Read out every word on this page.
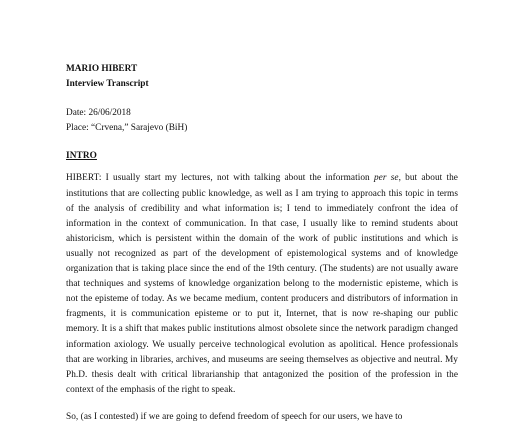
MARIO HIBERT
Interview Transcript
Date: 26/06/2018
Place: “Crvena,” Sarajevo (BiH)
INTRO

HIBERT: I usually start my lectures, not with talking about the information per se, but about the institutions that are collecting public knowledge, as well as I am trying to approach this topic in terms of the analysis of credibility and what information is; I tend to immediately confront the idea of information in the context of communication. In that case, I usually like to remind students about ahistoricism, which is persistent within the domain of the work of public institutions and which is usually not recognized as part of the development of epistemological systems and of knowledge organization that is taking place since the end of the 19th century. (The students) are not usually aware that techniques and systems of knowledge organization belong to the modernistic episteme, which is not the episteme of today. As we became medium, content producers and distributors of information in fragments, it is communication episteme or to put it, Internet, that is now re-shaping our public memory. It is a shift that makes public institutions almost obsolete since the network paradigm changed information axiology. We usually perceive technological evolution as apolitical. Hence professionals that are working in libraries, archives, and museums are seeing themselves as objective and neutral. My Ph.D. thesis dealt with critical librarianship that antagonized the position of the profession in the context of the emphasis of the right to speak.

So, (as I contested) if we are going to defend freedom of speech for our users, we have to
